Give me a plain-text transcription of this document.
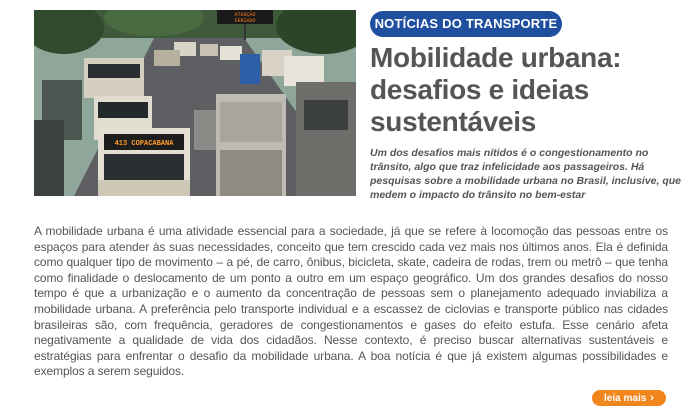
ATENÇÃO
FERIADO
413 COPACABANA
NOTÍCIAS DO TRANSPORTE
Mobilidade urbana: desafios e ideias sustentáveis

Um dos desafios mais nítidos é o congestionamento no trânsito, algo que traz infelicidade aos passageiros. Há pesquisas sobre a mobilidade urbana no Brasil, inclusive, que medem o impacto do trânsito no bem-estar

A mobilidade urbana é uma atividade essencial para a sociedade, já que se refere à locomoção das pessoas entre os espaços para atender às suas necessidades, conceito que tem crescido cada vez mais nos últimos anos. Ela é definida como qualquer tipo de movimento – a pé, de carro, ônibus, bicicleta, skate, cadeira de rodas, trem ou metrô – que tenha como finalidade o deslocamento de um ponto a outro em um espaço geográfico. Um dos grandes desafios do nosso tempo é que a urbanização e o aumento da concentração de pessoas sem o planejamento adequado inviabiliza a mobilidade urbana. A preferência pelo transporte individual e a escassez de ciclovias e transporte público nas cidades brasileiras são, com frequência, geradores de congestionamentos e gases do efeito estufa. Esse cenário afeta negativamente a qualidade de vida dos cidadãos. Nesse contexto, é preciso buscar alternativas sustentáveis e estratégias para enfrentar o desafio da mobilidade urbana. A boa notícia é que já existem algumas possibilidades e exemplos a serem seguidos.

leia mais ›
